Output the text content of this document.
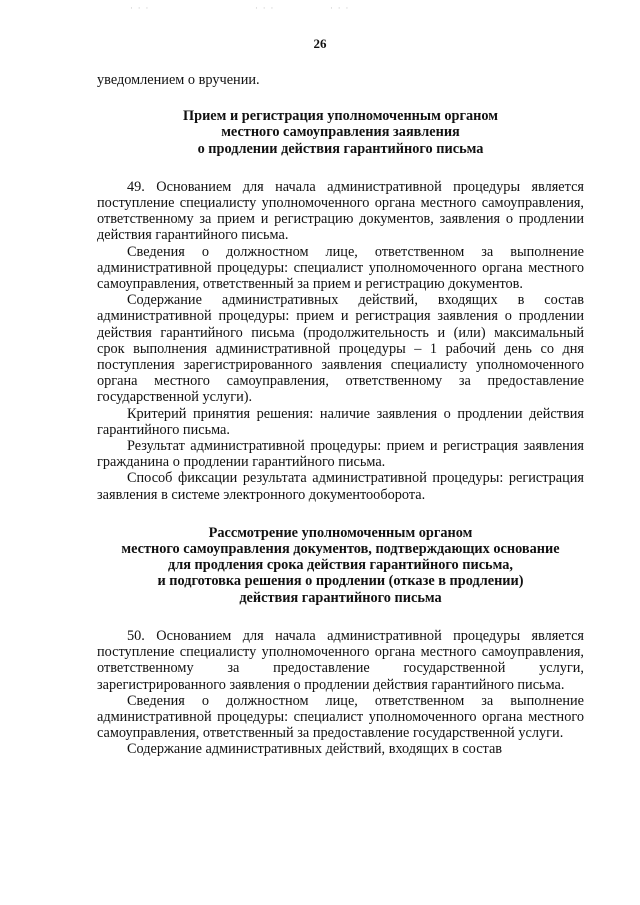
· · ·	· · ·	· · ·
26

уведомлением о вручении.

Прием и регистрация уполномоченным органом
местного самоуправления заявления
о продлении действия гарантийного письма

49. Основанием для начала административной процедуры является поступление специалисту уполномоченного органа местного самоуправления, ответственному за прием и регистрацию документов, заявления о продлении действия гарантийного письма.

Сведения о должностном лице, ответственном за выполнение административной процедуры: специалист уполномоченного органа местного самоуправления, ответственный за прием и регистрацию документов.

Содержание административных действий, входящих в состав административной процедуры: прием и регистрация заявления о продлении действия гарантийного письма (продолжительность и (или) максимальный срок выполнения административной процедуры – 1 рабочий день со дня поступления зарегистрированного заявления специалисту уполномоченного органа местного самоуправления, ответственному за предоставление государственной услуги).

Критерий принятия решения: наличие заявления о продлении действия гарантийного письма.

Результат административной процедуры: прием и регистрация заявления гражданина о продлении гарантийного письма.

Способ фиксации результата административной процедуры: регистрация заявления в системе электронного документооборота.

Рассмотрение уполномоченным органом
местного самоуправления документов, подтверждающих основание
для продления срока действия гарантийного письма,
и подготовка решения о продлении (отказе в продлении)
действия гарантийного письма

50. Основанием для начала административной процедуры является поступление специалисту уполномоченного органа местного самоуправления, ответственному за предоставление государственной услуги, зарегистрированного заявления о продлении действия гарантийного письма.

Сведения о должностном лице, ответственном за выполнение административной процедуры: специалист уполномоченного органа местного самоуправления, ответственный за предоставление государственной услуги.

Содержание административных действий, входящих в состав
